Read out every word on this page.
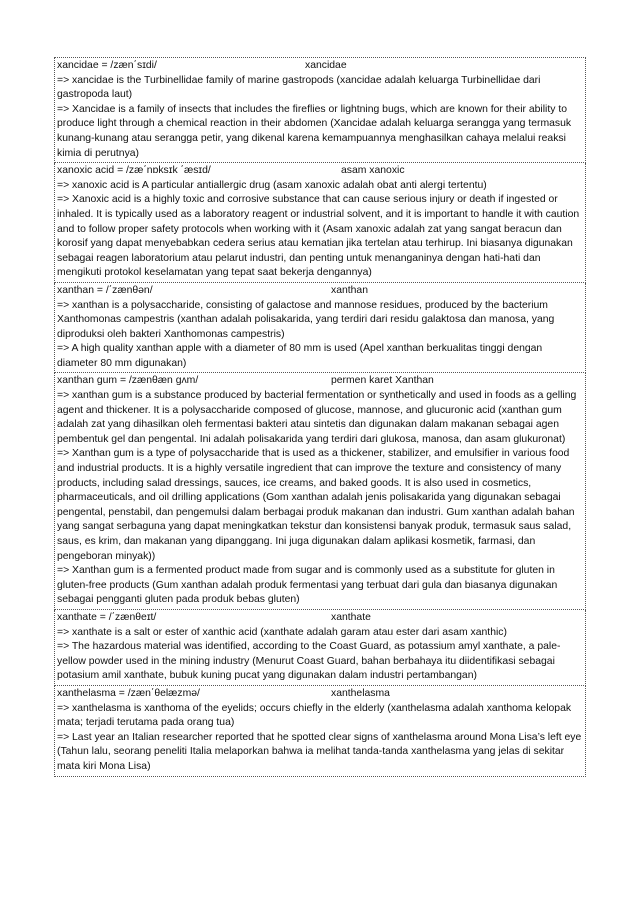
xancidae = /zæn΄sɪdi/	xancidae
=> xancidae is the Turbinellidae family of marine gastropods (xancidae adalah keluarga Turbinellidae dari gastropoda laut)
=> Xancidae is a family of insects that includes the fireflies or lightning bugs, which are known for their ability to produce light through a chemical reaction in their abdomen (Xancidae adalah keluarga serangga yang termasuk kunang-kunang atau serangga petir, yang dikenal karena kemampuannya menghasilkan cahaya melalui reaksi kimia di perutnya)
xanoxic acid = /zæ΄nɒksɪk ΄æsɪd/	asam xanoxic
=> xanoxic acid is A particular antiallergic drug (asam xanoxic adalah obat anti alergi tertentu)
=> Xanoxic acid is a highly toxic and corrosive substance that can cause serious injury or death if ingested or inhaled. It is typically used as a laboratory reagent or industrial solvent, and it is important to handle it with caution and to follow proper safety protocols when working with it (Asam xanoxic adalah zat yang sangat beracun dan korosif yang dapat menyebabkan cedera serius atau kematian jika tertelan atau terhirup. Ini biasanya digunakan sebagai reagen laboratorium atau pelarut industri, dan penting untuk menanganinya dengan hati-hati dan mengikuti protokol keselamatan yang tepat saat bekerja dengannya)
xanthan = /΄zænθən/	xanthan
=> xanthan is a polysaccharide, consisting of galactose and mannose residues, produced by the bacterium Xanthomonas campestris (xanthan adalah polisakarida, yang terdiri dari residu galaktosa dan manosa, yang diproduksi oleh bakteri Xanthomonas campestris)
=> A high quality xanthan apple with a diameter of 80 mm is used (Apel xanthan berkualitas tinggi dengan diameter 80 mm digunakan)
xanthan gum = /zænθæn gʌm/	permen karet Xanthan
=> xanthan gum is a substance produced by bacterial fermentation or synthetically and used in foods as a gelling agent and thickener. It is a polysaccharide composed of glucose, mannose, and glucuronic acid (xanthan gum adalah zat yang dihasilkan oleh fermentasi bakteri atau sintetis dan digunakan dalam makanan sebagai agen pembentuk gel dan pengental. Ini adalah polisakarida yang terdiri dari glukosa, manosa, dan asam glukuronat)
=> Xanthan gum is a type of polysaccharide that is used as a thickener, stabilizer, and emulsifier in various food and industrial products. It is a highly versatile ingredient that can improve the texture and consistency of many products, including salad dressings, sauces, ice creams, and baked goods. It is also used in cosmetics, pharmaceuticals, and oil drilling applications (Gom xanthan adalah jenis polisakarida yang digunakan sebagai pengental, penstabil, dan pengemulsi dalam berbagai produk makanan dan industri. Gum xanthan adalah bahan yang sangat serbaguna yang dapat meningkatkan tekstur dan konsistensi banyak produk, termasuk saus salad, saus, es krim, dan makanan yang dipanggang. Ini juga digunakan dalam aplikasi kosmetik, farmasi, dan pengeboran minyak))
=> Xanthan gum is a fermented product made from sugar and is commonly used as a substitute for gluten in gluten-free products (Gum xanthan adalah produk fermentasi yang terbuat dari gula dan biasanya digunakan sebagai pengganti gluten pada produk bebas gluten)
xanthate = /΄zænθeɪt/	xanthate
=> xanthate is a salt or ester of xanthic acid (xanthate adalah garam atau ester dari asam xanthic)
=> The hazardous material was identified, according to the Coast Guard, as potassium amyl xanthate, a pale-yellow powder used in the mining industry (Menurut Coast Guard, bahan berbahaya itu diidentifikasi sebagai potasium amil xanthate, bubuk kuning pucat yang digunakan dalam industri pertambangan)
xanthelasma = /zæn΄θelæzmə/	xanthelasma
=> xanthelasma is xanthoma of the eyelids; occurs chiefly in the elderly (xanthelasma adalah xanthoma kelopak mata; terjadi terutama pada orang tua)
=> Last year an Italian researcher reported that he spotted clear signs of xanthelasma around Mona Lisa’s left eye (Tahun lalu, seorang peneliti Italia melaporkan bahwa ia melihat tanda-tanda xanthelasma yang jelas di sekitar mata kiri Mona Lisa)
